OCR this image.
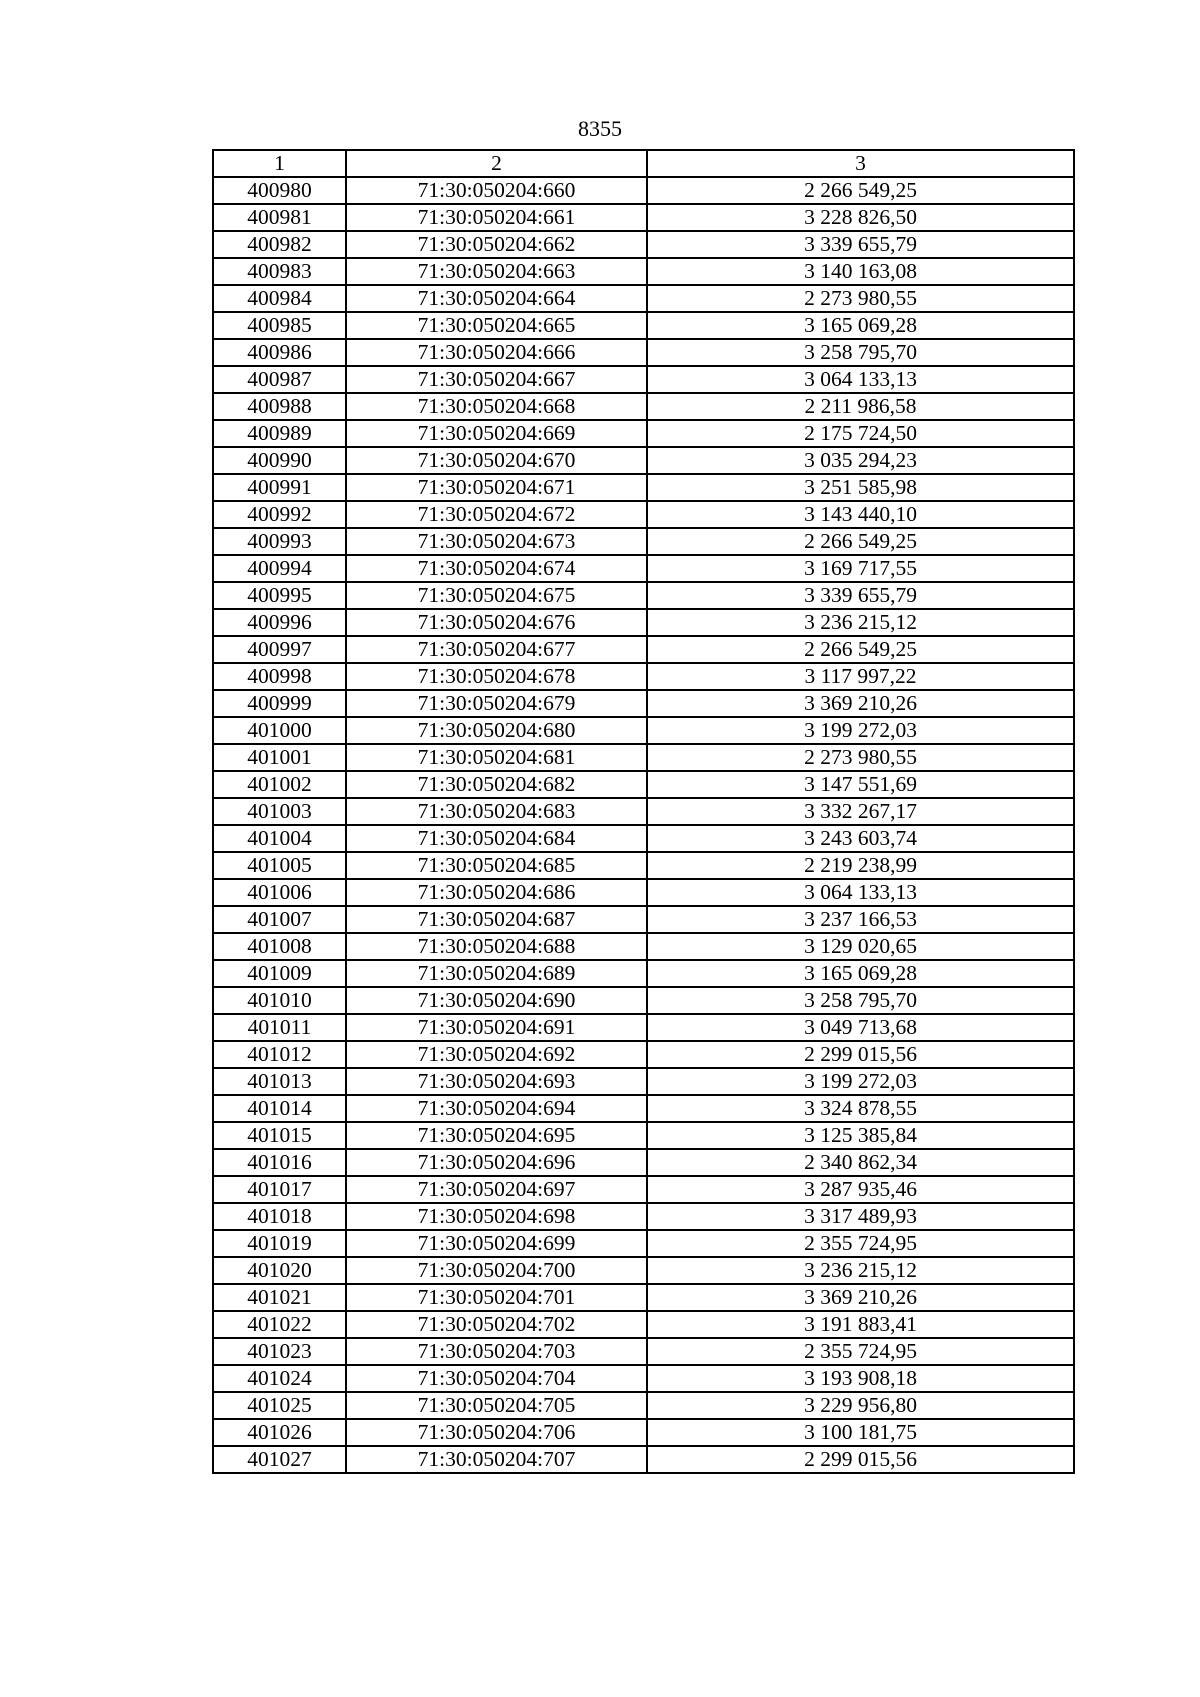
8355
1	2	3
400980	71:30:050204:660	2 266 549,25
400981	71:30:050204:661	3 228 826,50
400982	71:30:050204:662	3 339 655,79
400983	71:30:050204:663	3 140 163,08
400984	71:30:050204:664	2 273 980,55
400985	71:30:050204:665	3 165 069,28
400986	71:30:050204:666	3 258 795,70
400987	71:30:050204:667	3 064 133,13
400988	71:30:050204:668	2 211 986,58
400989	71:30:050204:669	2 175 724,50
400990	71:30:050204:670	3 035 294,23
400991	71:30:050204:671	3 251 585,98
400992	71:30:050204:672	3 143 440,10
400993	71:30:050204:673	2 266 549,25
400994	71:30:050204:674	3 169 717,55
400995	71:30:050204:675	3 339 655,79
400996	71:30:050204:676	3 236 215,12
400997	71:30:050204:677	2 266 549,25
400998	71:30:050204:678	3 117 997,22
400999	71:30:050204:679	3 369 210,26
401000	71:30:050204:680	3 199 272,03
401001	71:30:050204:681	2 273 980,55
401002	71:30:050204:682	3 147 551,69
401003	71:30:050204:683	3 332 267,17
401004	71:30:050204:684	3 243 603,74
401005	71:30:050204:685	2 219 238,99
401006	71:30:050204:686	3 064 133,13
401007	71:30:050204:687	3 237 166,53
401008	71:30:050204:688	3 129 020,65
401009	71:30:050204:689	3 165 069,28
401010	71:30:050204:690	3 258 795,70
401011	71:30:050204:691	3 049 713,68
401012	71:30:050204:692	2 299 015,56
401013	71:30:050204:693	3 199 272,03
401014	71:30:050204:694	3 324 878,55
401015	71:30:050204:695	3 125 385,84
401016	71:30:050204:696	2 340 862,34
401017	71:30:050204:697	3 287 935,46
401018	71:30:050204:698	3 317 489,93
401019	71:30:050204:699	2 355 724,95
401020	71:30:050204:700	3 236 215,12
401021	71:30:050204:701	3 369 210,26
401022	71:30:050204:702	3 191 883,41
401023	71:30:050204:703	2 355 724,95
401024	71:30:050204:704	3 193 908,18
401025	71:30:050204:705	3 229 956,80
401026	71:30:050204:706	3 100 181,75
401027	71:30:050204:707	2 299 015,56
